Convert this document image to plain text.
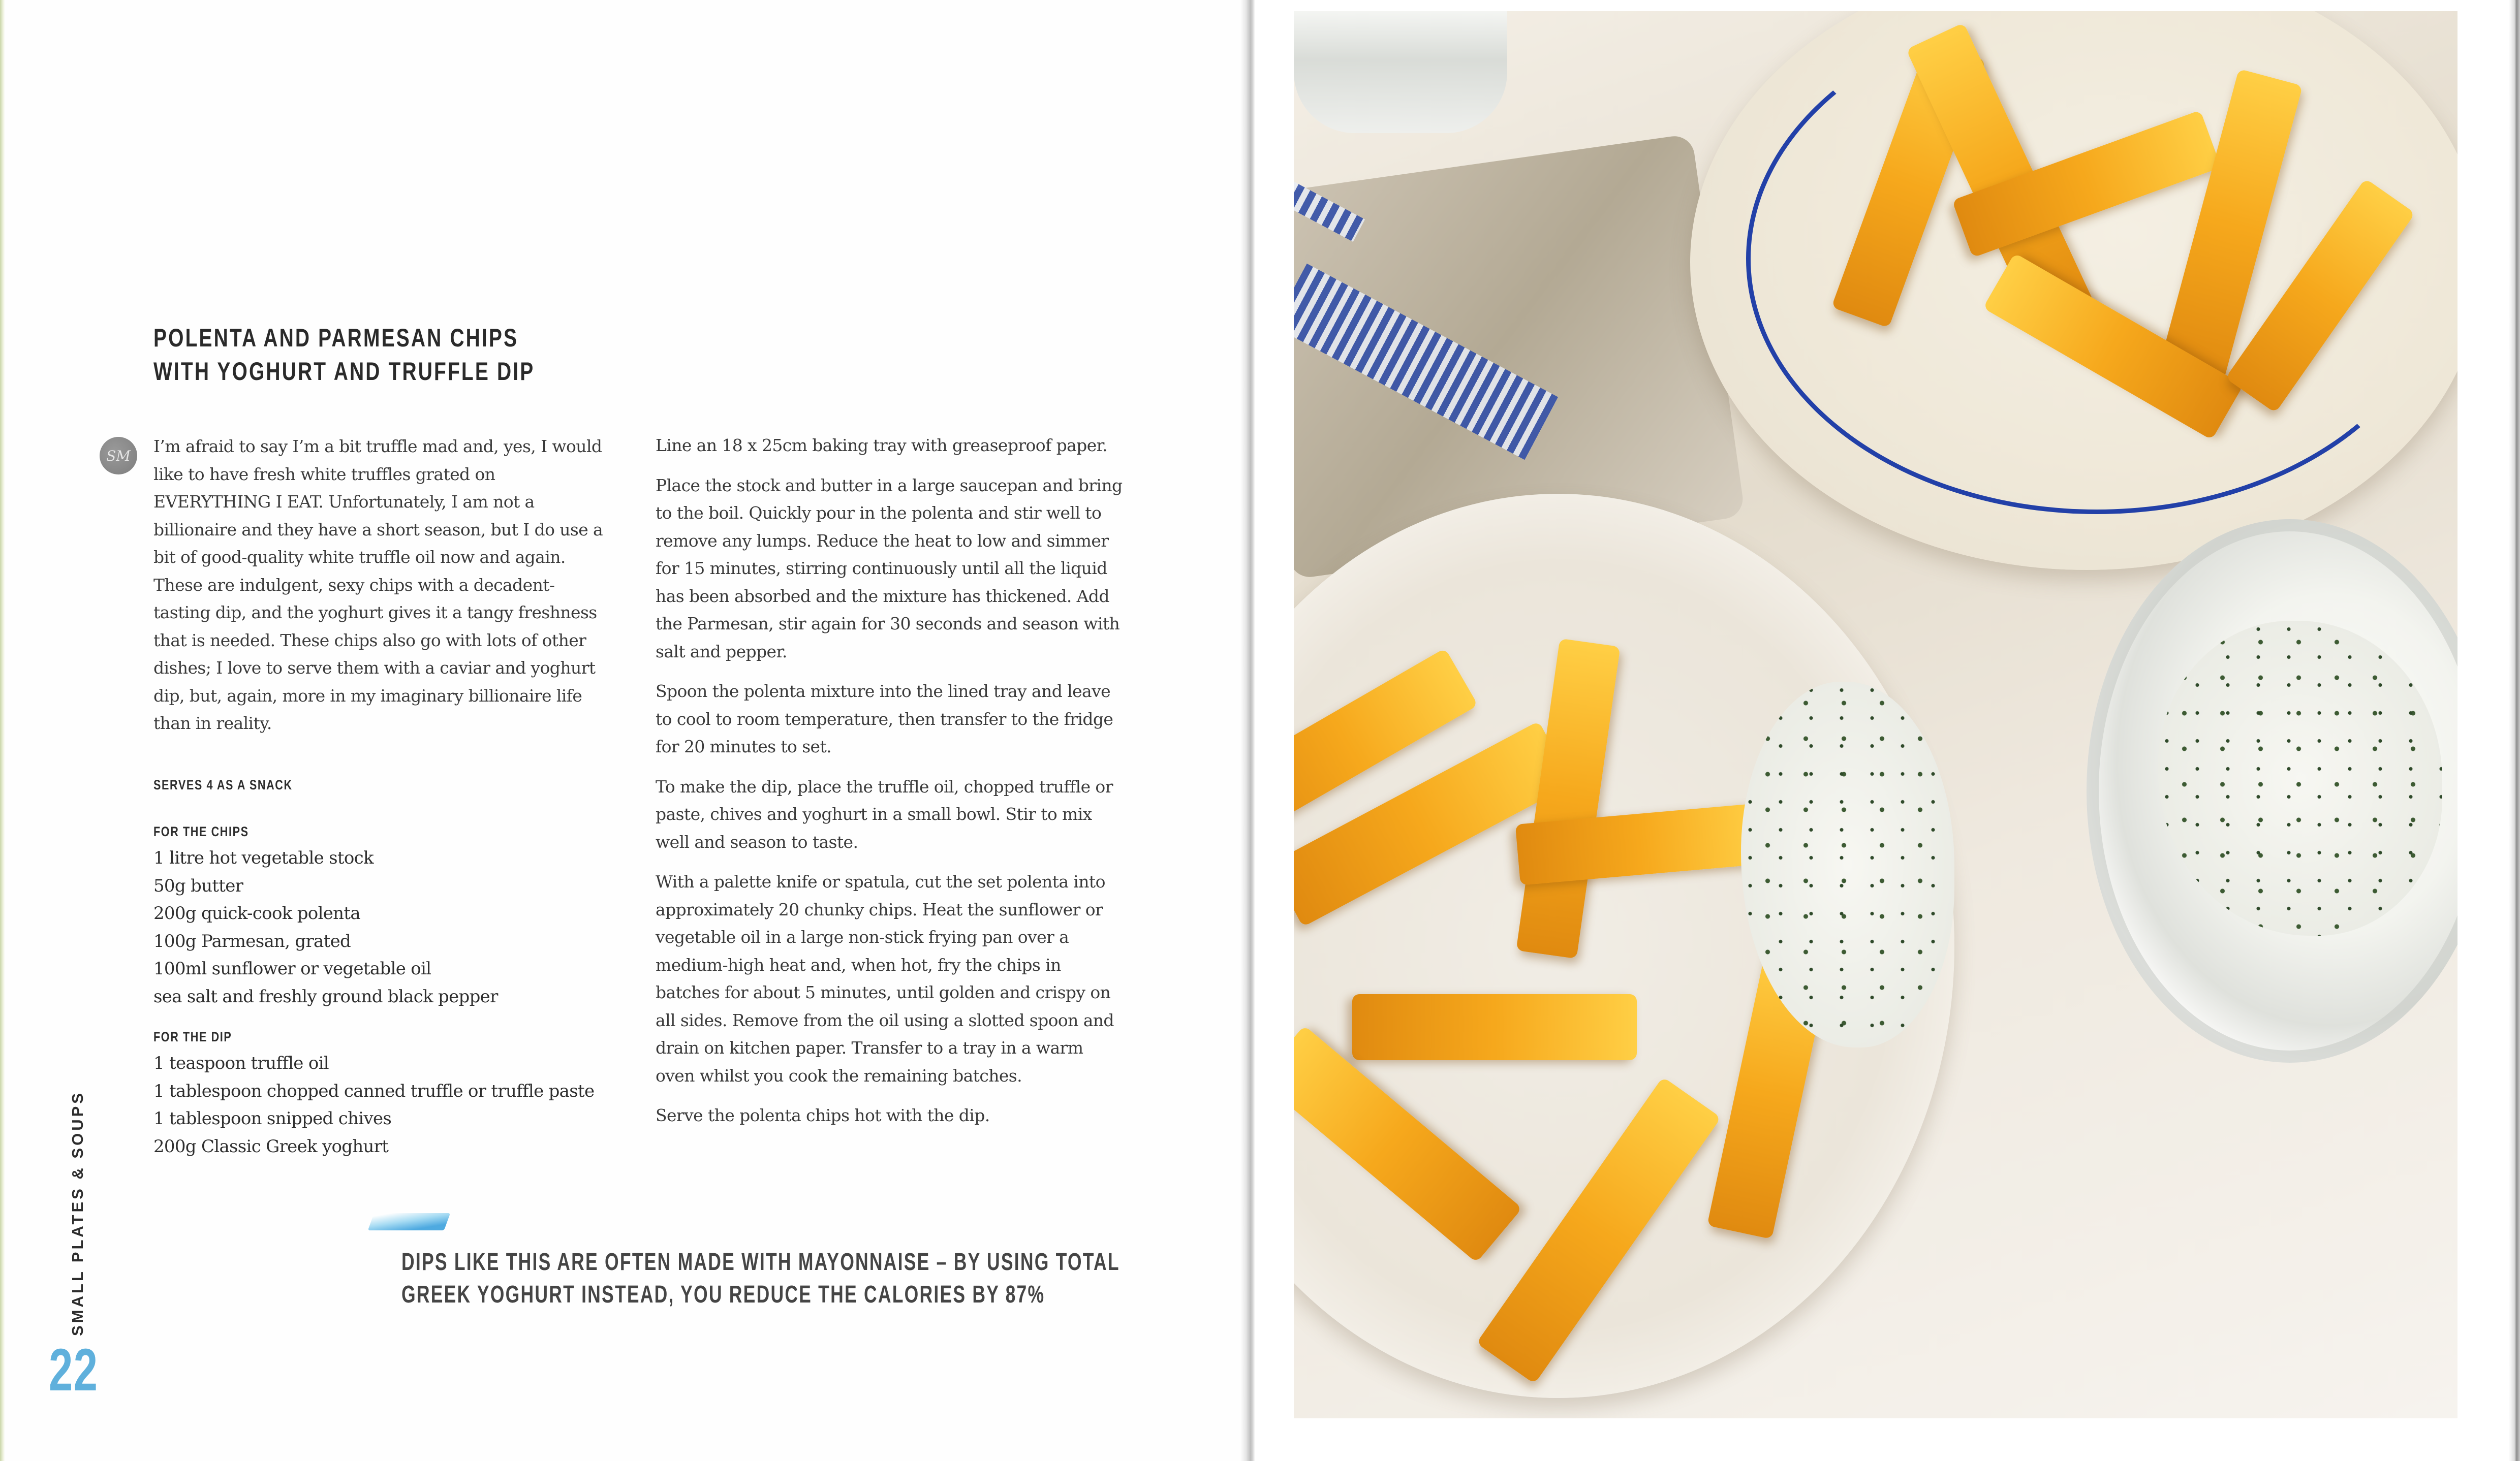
POLENTA AND PARMESAN CHIPS
WITH YOGHURT AND TRUFFLE DIP
SM I’m afraid to say I’m a bit truffle mad and, yes, I would like to have fresh white truffles grated on EVERYTHING I EAT. Unfortunately, I am not a billionaire and they have a short season, but I do use a bit of good-quality white truffle oil now and again. These are indulgent, sexy chips with a decadent-tasting dip, and the yoghurt gives it a tangy freshness that is needed. These chips also go with lots of other dishes; I love to serve them with a caviar and yoghurt dip, but, again, more in my imaginary billionaire life than in reality.

SERVES 4 AS A SNACK
FOR THE CHIPS
1 litre hot vegetable stock
50g butter
200g quick-cook polenta
100g Parmesan, grated
100ml sunflower or vegetable oil
sea salt and freshly ground black pepper
FOR THE DIP
1 teaspoon truffle oil
1 tablespoon chopped canned truffle or truffle paste
1 tablespoon snipped chives
200g Classic Greek yoghurt

Line an 18 x 25cm baking tray with greaseproof paper.

Place the stock and butter in a large saucepan and bring to the boil. Quickly pour in the polenta and stir well to remove any lumps. Reduce the heat to low and simmer for 15 minutes, stirring continuously until all the liquid has been absorbed and the mixture has thickened. Add the Parmesan, stir again for 30 seconds and season with salt and pepper.

Spoon the polenta mixture into the lined tray and leave to cool to room temperature, then transfer to the fridge for 20 minutes to set.

To make the dip, place the truffle oil, chopped truffle or paste, chives and yoghurt in a small bowl. Stir to mix well and season to taste.

With a palette knife or spatula, cut the set polenta into approximately 20 chunky chips. Heat the sunflower or vegetable oil in a large non-stick frying pan over a medium-high heat and, when hot, fry the chips in batches for about 5 minutes, until golden and crispy on all sides. Remove from the oil using a slotted spoon and drain on kitchen paper. Transfer to a tray in a warm oven whilst you cook the remaining batches.

Serve the polenta chips hot with the dip.

DIPS LIKE THIS ARE OFTEN MADE WITH MAYONNAISE – BY USING TOTAL
GREEK YOGHURT INSTEAD, YOU REDUCE THE CALORIES BY 87%

SMALL PLATES & SOUPS
22
